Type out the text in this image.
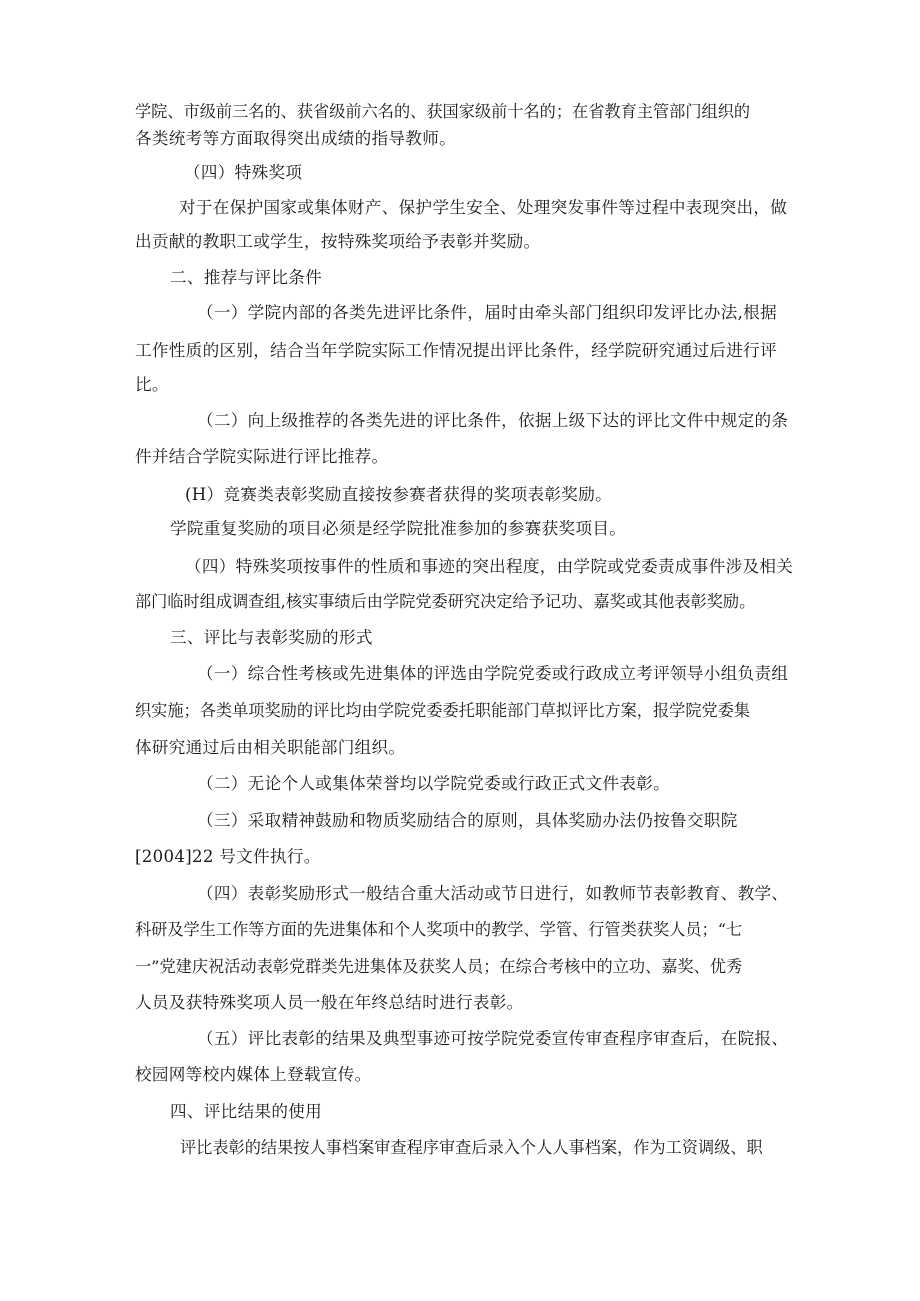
学院、市级前三名的、获省级前六名的、获国家级前十名的；在省教育主管部门组织的
各类统考等方面取得突出成绩的指导教师。
（四）特殊奖项
对于在保护国家或集体财产、保护学生安全、处理突发事件等过程中表现突出，做
出贡献的教职工或学生，按特殊奖项给予表彰并奖励。
二、推荐与评比条件
（一）学院内部的各类先进评比条件，届时由牵头部门组织印发评比办法,根据
工作性质的区别，结合当年学院实际工作情况提出评比条件，经学院研究通过后进行评
比。
（二）向上级推荐的各类先进的评比条件，依据上级下达的评比文件中规定的条
件并结合学院实际进行评比推荐。
(H）竞赛类表彰奖励直接按参赛者获得的奖项表彰奖励。
学院重复奖励的项目必须是经学院批准参加的参赛获奖项目。
（四）特殊奖项按事件的性质和事迹的突出程度，由学院或党委责成事件涉及相关
部门临时组成调查组,核实事绩后由学院党委研究决定给予记功、嘉奖或其他表彰奖励。
三、评比与表彰奖励的形式
（一）综合性考核或先进集体的评选由学院党委或行政成立考评领导小组负责组
织实施；各类单项奖励的评比均由学院党委委托职能部门草拟评比方案，报学院党委集
体研究通过后由相关职能部门组织。
（二）无论个人或集体荣誉均以学院党委或行政正式文件表彰。
（三）采取精神鼓励和物质奖励结合的原则，具体奖励办法仍按鲁交职院
[2004]22 号文件执行。
（四）表彰奖励形式一般结合重大活动或节日进行，如教师节表彰教育、教学、
科研及学生工作等方面的先进集体和个人奖项中的教学、学管、行管类获奖人员；“七
一”党建庆祝活动表彰党群类先进集体及获奖人员；在综合考核中的立功、嘉奖、优秀
人员及获特殊奖项人员一般在年终总结时进行表彰。
（五）评比表彰的结果及典型事迹可按学院党委宣传审查程序审查后，在院报、
校园网等校内媒体上登载宣传。
四、评比结果的使用
评比表彰的结果按人事档案审查程序审查后录入个人人事档案，作为工资调级、职
